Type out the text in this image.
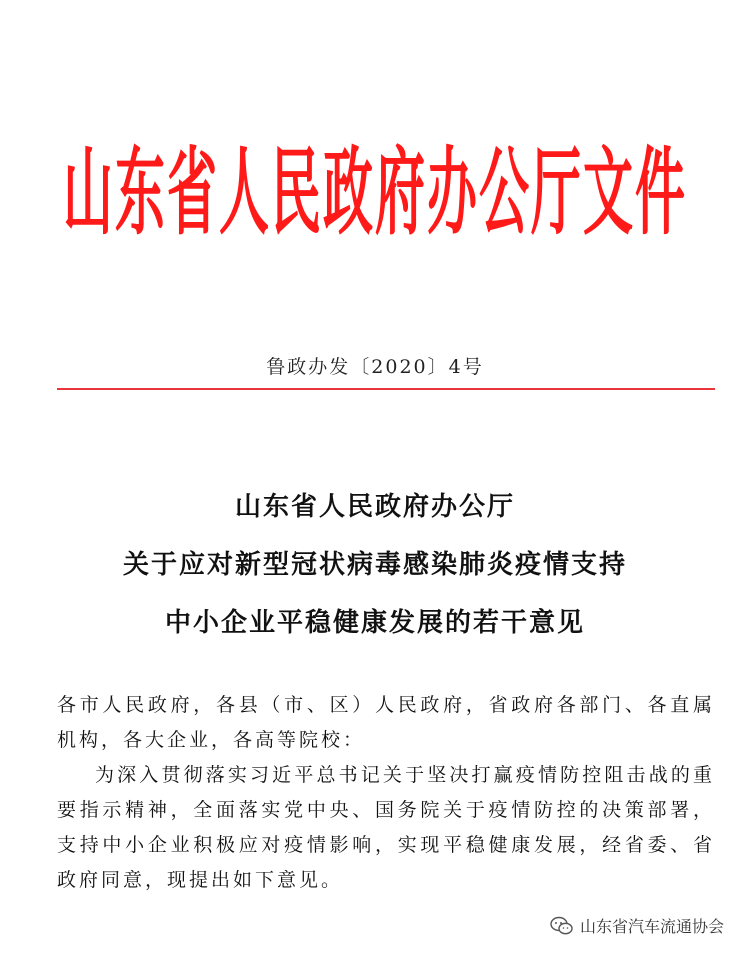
山东省人民政府办公厅文件
鲁政办发〔2020〕4号
山东省人民政府办公厅
关于应对新型冠状病毒感染肺炎疫情支持
中小企业平稳健康发展的若干意见

各市人民政府，各县（市、区）人民政府，省政府各部门、各直属机构，各大企业，各高等院校：

为深入贯彻落实习近平总书记关于坚决打赢疫情防控阻击战的重要指示精神，全面落实党中央、国务院关于疫情防控的决策部署，支持中小企业积极应对疫情影响，实现平稳健康发展，经省委、省政府同意，现提出如下意见。

山东省汽车流通协会
